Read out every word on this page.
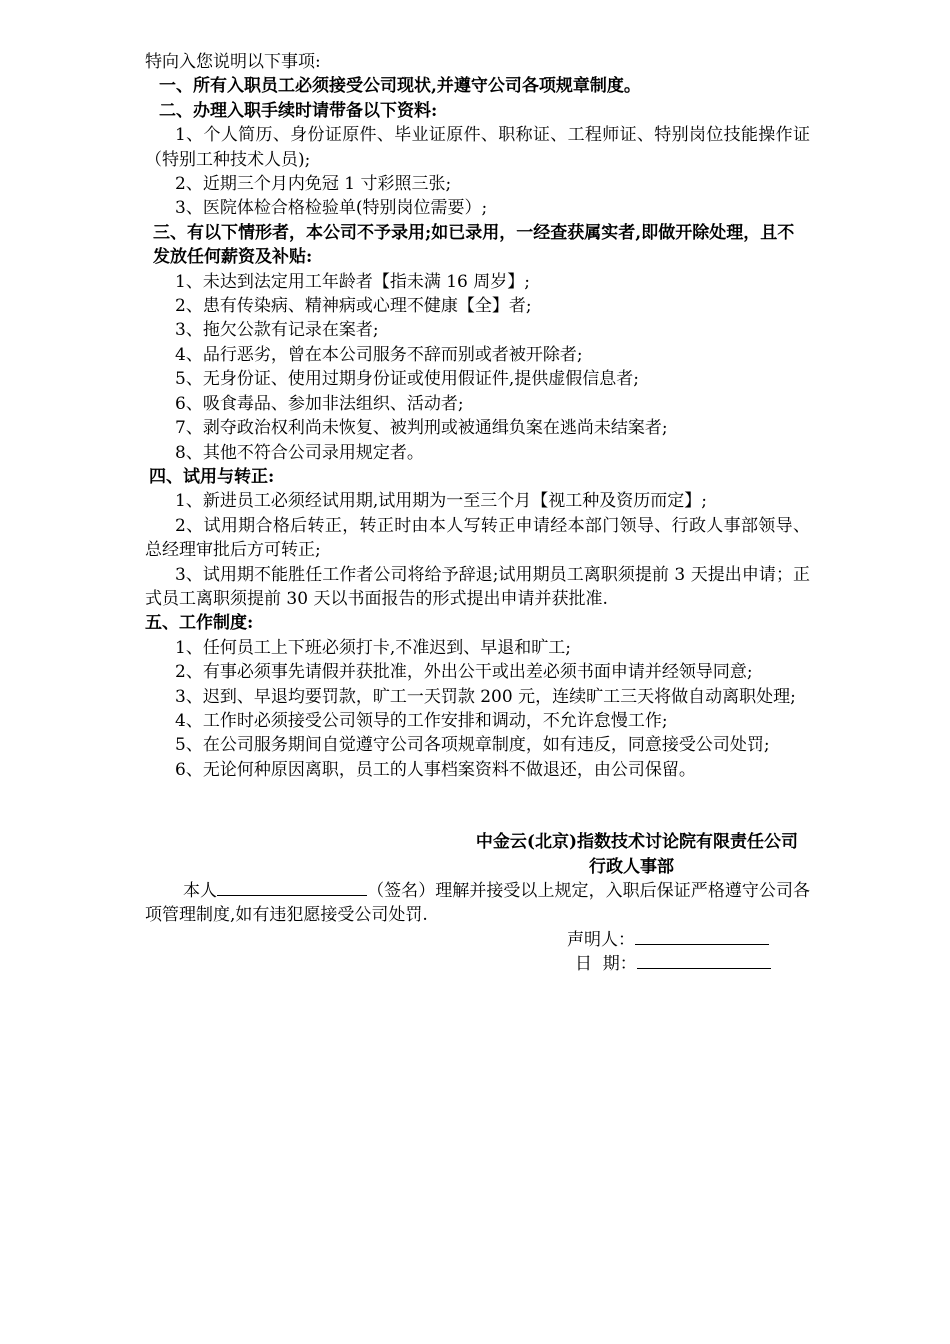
特向入您说明以下事项:
一、所有入职员工必须接受公司现状,并遵守公司各项规章制度。
二、办理入职手续时请带备以下资料:
1、个人简历、身份证原件、毕业证原件、职称证、工程师证、特别岗位技能操作证（特别工种技术人员);
2、近期三个月内免冠 1 寸彩照三张;
3、医院体检合格检验单(特别岗位需要）;
三、有以下情形者，本公司不予录用;如已录用，一经查获属实者,即做开除处理，且不发放任何薪资及补贴:
1、未达到法定用工年龄者【指未满 16 周岁】;
2、患有传染病、精神病或心理不健康【全】者;
3、拖欠公款有记录在案者;
4、品行恶劣，曾在本公司服务不辞而别或者被开除者;
5、无身份证、使用过期身份证或使用假证件,提供虚假信息者;
6、吸食毒品、参加非法组织、活动者;
7、剥夺政治权利尚未恢复、被判刑或被通缉负案在逃尚未结案者;
8、其他不符合公司录用规定者。
四、试用与转正:
1、新进员工必须经试用期,试用期为一至三个月【视工种及资历而定】;
2、试用期合格后转正，转正时由本人写转正申请经本部门领导、行政人事部领导、总经理审批后方可转正;
3、试用期不能胜任工作者公司将给予辞退;试用期员工离职须提前 3 天提出申请；正式员工离职须提前 30 天以书面报告的形式提出申请并获批准.
五、工作制度:
1、任何员工上下班必须打卡,不准迟到、早退和旷工;
2、有事必须事先请假并获批准，外出公干或出差必须书面申请并经领导同意;
3、迟到、早退均要罚款，旷工一天罚款 200 元，连续旷工三天将做自动离职处理;
4、工作时必须接受公司领导的工作安排和调动，不允许怠慢工作;
5、在公司服务期间自觉遵守公司各项规章制度，如有违反，同意接受公司处罚;
6、无论何种原因离职，员工的人事档案资料不做退还，由公司保留。
中金云(北京)指数技术讨论院有限责任公司
行政人事部
本人	（签名）理解并接受以上规定，入职后保证严格遵守公司各项管理制度,如有违犯愿接受公司处罚.
声明人：
日  期：
